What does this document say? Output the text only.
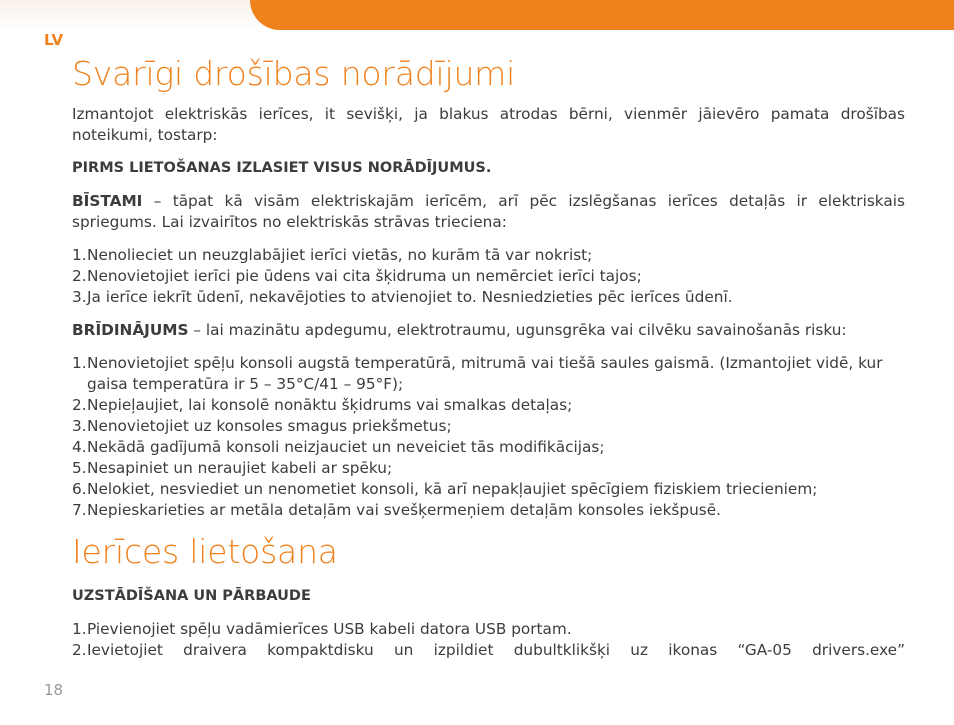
LV
Svarīgi drošības norādījumi

Izmantojot elektriskās ierīces, it sevišķi, ja blakus atrodas bērni, vienmēr jāievēro pamata drošības noteikumi, tostarp:

PIRMS LIETOŠANAS IZLASIET VISUS NORĀDĪJUMUS.

BĪSTAMI – tāpat kā visām elektriskajām ierīcēm, arī pēc izslēgšanas ierīces detaļās ir elektriskais spriegums. Lai izvairītos no elektriskās strāvas trieciena:

1. Nenolieciet un neuzglabājiet ierīci vietās, no kurām tā var nokrist;
2. Nenovietojiet ierīci pie ūdens vai cita šķidruma un nemērciet ierīci tajos;
3. Ja ierīce iekrīt ūdenī, nekavējoties to atvienojiet to. Nesniedzieties pēc ierīces ūdenī.

BRĪDINĀJUMS – lai mazinātu apdegumu, elektrotraumu, ugunsgrēka vai cilvēku savainošanās risku:

1. Nenovietojiet spēļu konsoli augstā temperatūrā, mitrumā vai tiešā saules gaismā. (Izmantojiet vidē, kur gaisa temperatūra ir 5 – 35°C/41 – 95°F);
2. Nepieļaujiet, lai konsolē nonāktu šķidrums vai smalkas detaļas;
3. Nenovietojiet uz konsoles smagus priekšmetus;
4. Nekādā gadījumā konsoli neizjauciet un neveiciet tās modifikācijas;
5. Nesapiniet un neraujiet kabeli ar spēku;
6. Nelokiet, nesviediet un nenometiet konsoli, kā arī nepakļaujiet spēcīgiem fiziskiem triecieniem;
7. Nepieskarieties ar metāla detaļām vai svešķermeņiem detaļām konsoles iekšpusē.
Ierīces lietošana

UZSTĀDĪŠANA UN PĀRBAUDE

1. Pievienojiet spēļu vadāmierīces USB kabeli datora USB portam.
2. Ievietojiet draivera kompaktdisku un izpildiet dubultklikšķi uz ikonas “GA-05 drivers.exe”
18
